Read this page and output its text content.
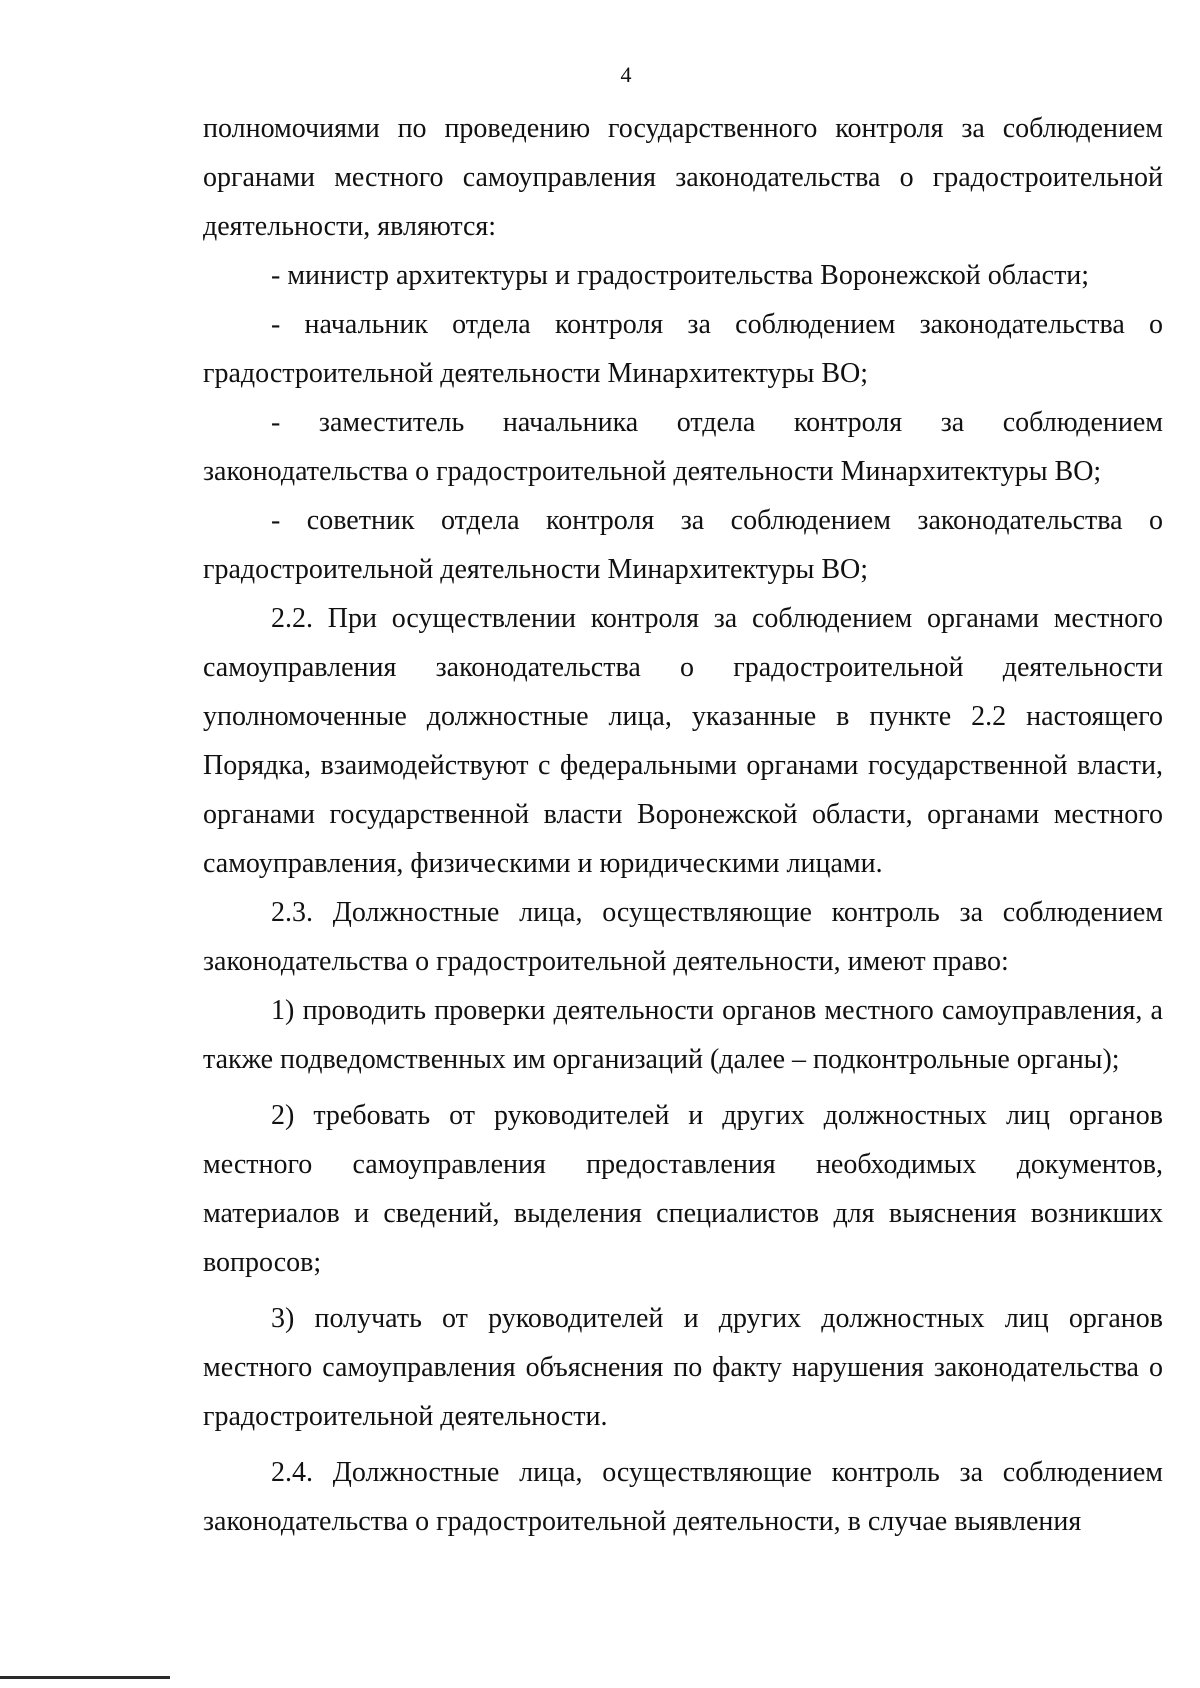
4

полномочиями по проведению государственного контроля за соблюдением органами местного самоуправления законодательства о градостроительной деятельности, являются:

- министр архитектуры и градостроительства Воронежской области;

- начальник отдела контроля за соблюдением законодательства о градостроительной деятельности Минархитектуры ВО;

- заместитель начальника отдела контроля за соблюдением законодательства о градостроительной деятельности Минархитектуры ВО;

- советник отдела контроля за соблюдением законодательства о градостроительной деятельности Минархитектуры ВО;

2.2. При осуществлении контроля за соблюдением органами местного самоуправления законодательства о градостроительной деятельности уполномоченные должностные лица, указанные в пункте 2.2 настоящего Порядка, взаимодействуют с федеральными органами государственной власти, органами государственной власти Воронежской области, органами местного самоуправления, физическими и юридическими лицами.

2.3. Должностные лица, осуществляющие контроль за соблюдением законодательства о градостроительной деятельности, имеют право:

1) проводить проверки деятельности органов местного самоуправления, а также подведомственных им организаций (далее – подконтрольные органы);

2) требовать от руководителей и других должностных лиц органов местного самоуправления предоставления необходимых документов, материалов и сведений, выделения специалистов для выяснения возникших вопросов;

3) получать от руководителей и других должностных лиц органов местного самоуправления объяснения по факту нарушения законодательства о градостроительной деятельности.

2.4. Должностные лица, осуществляющие контроль за соблюдением законодательства о градостроительной деятельности, в случае выявления
